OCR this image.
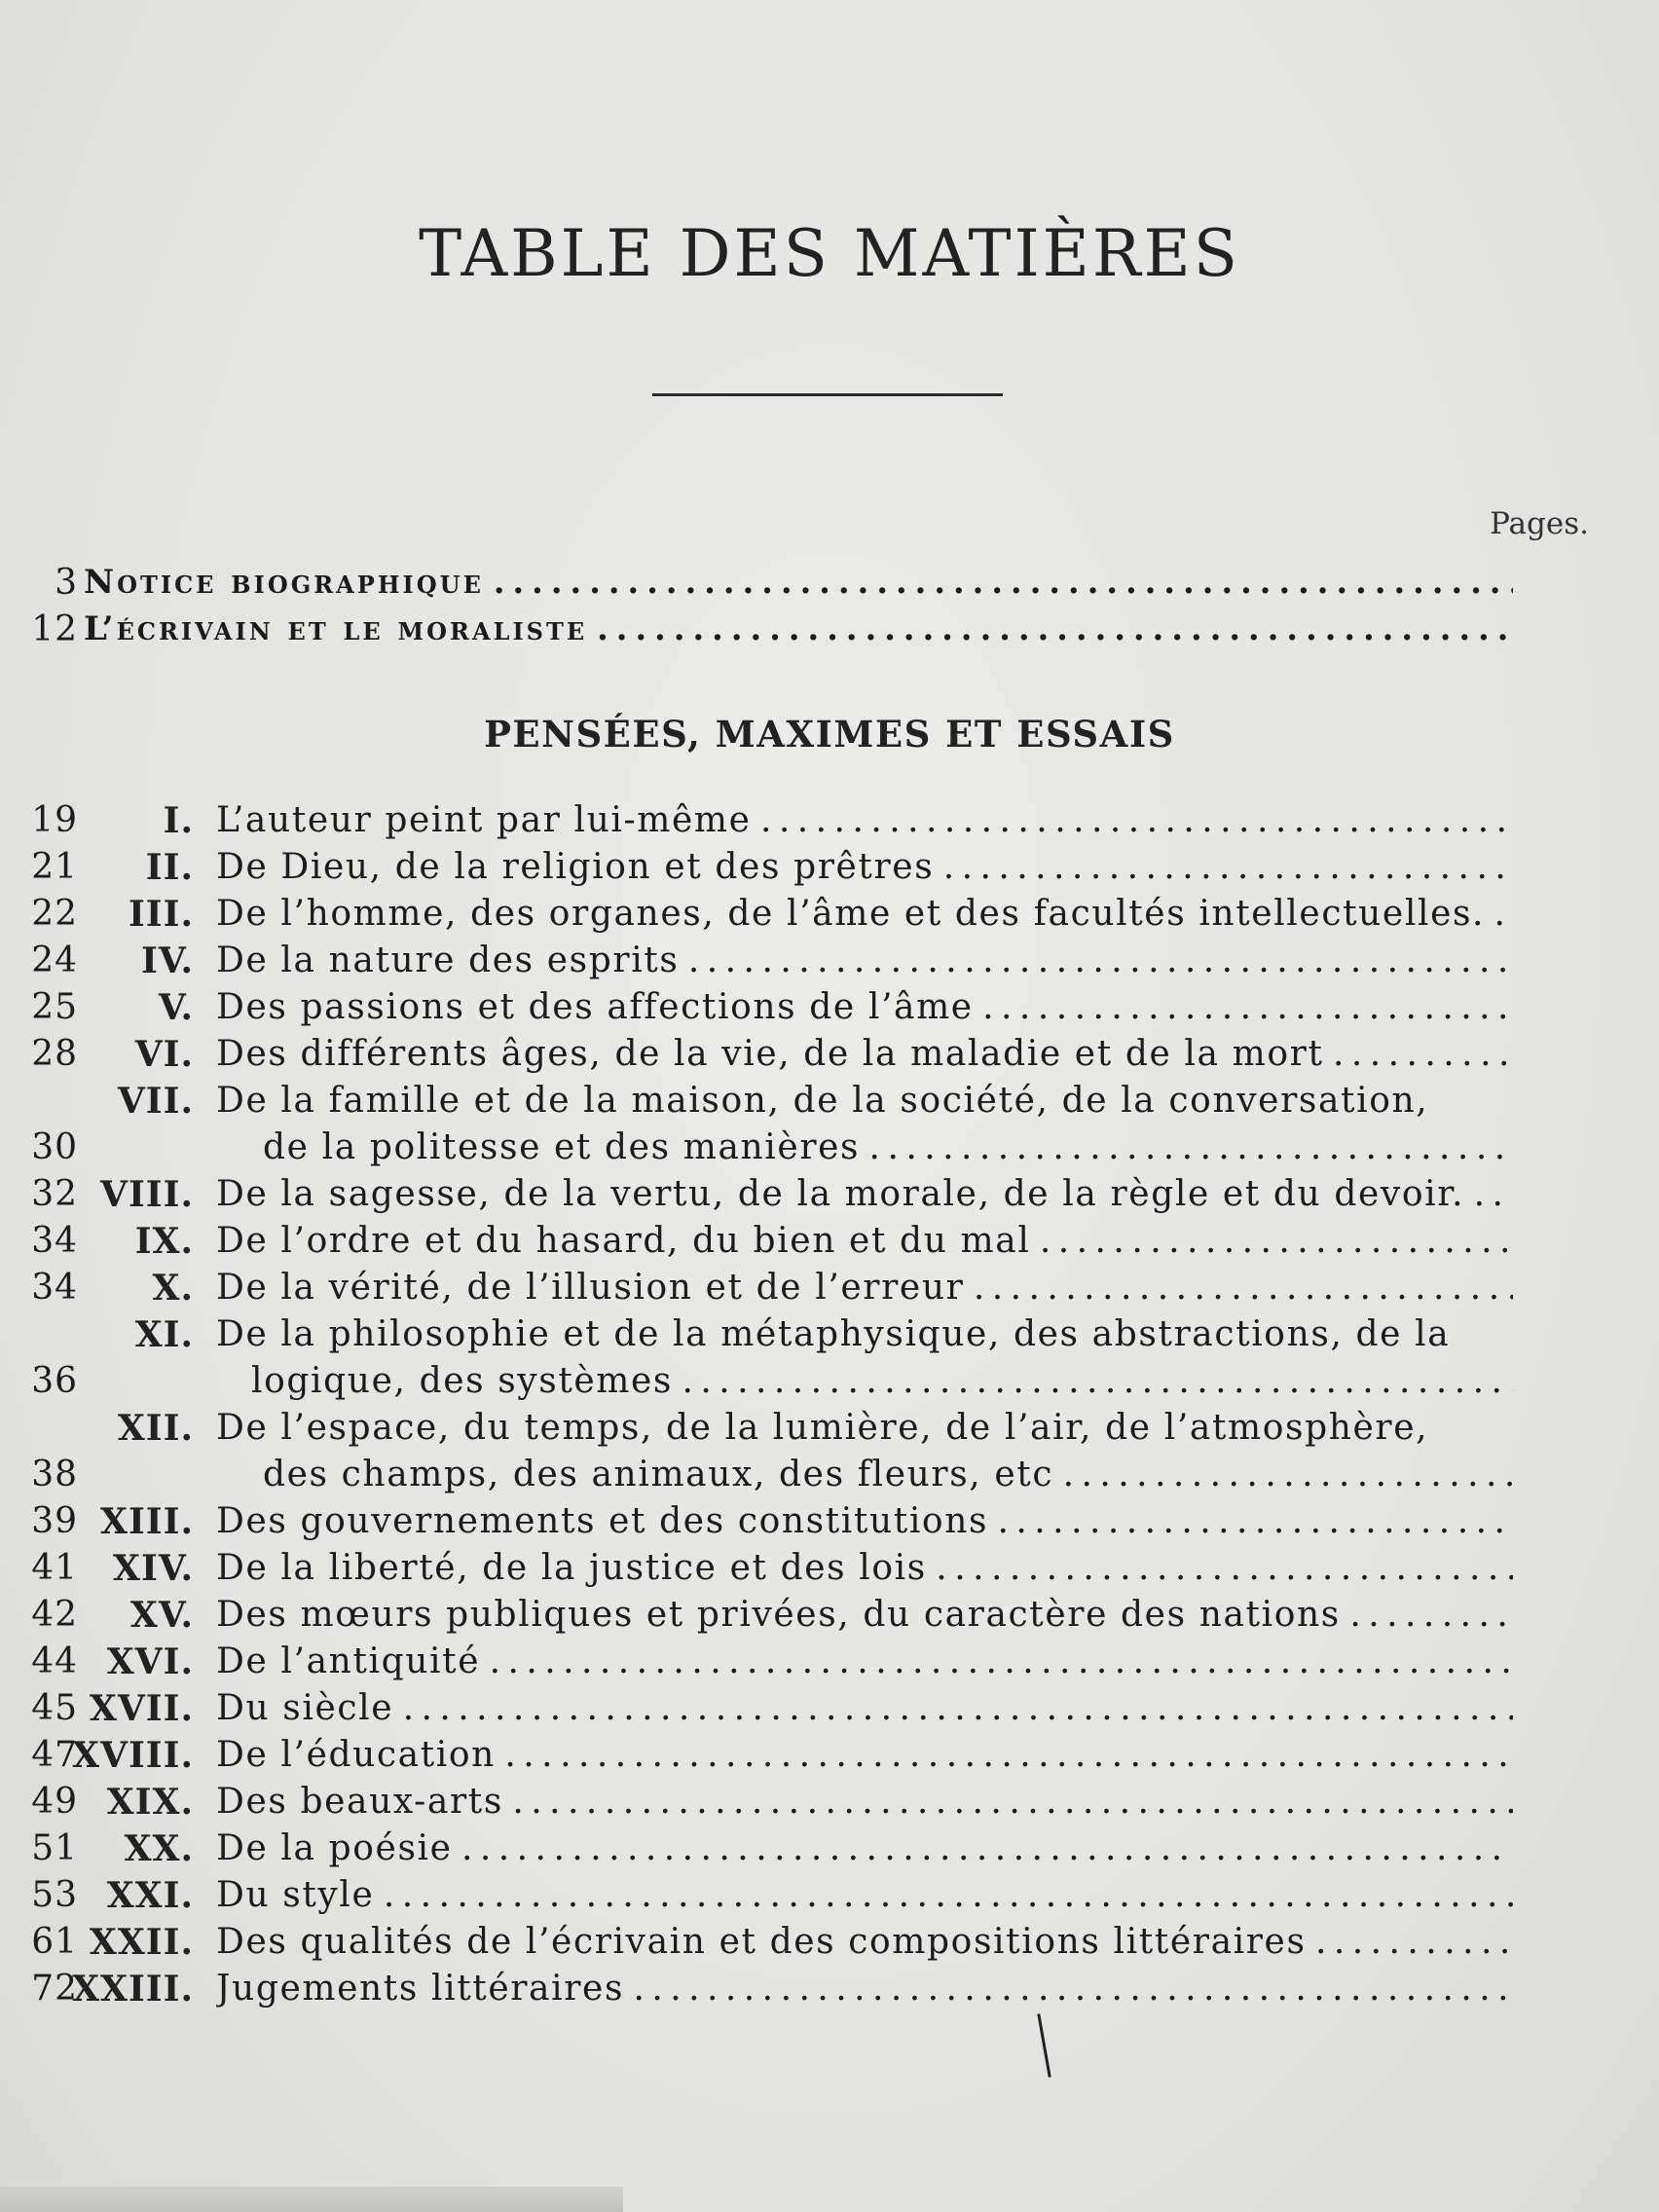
TABLE DES MATIÈRES
Pages.
Notice biographique . . .
3
L’écrivain et le moraliste . . .
12
PENSÉES, MAXIMES ET ESSAIS
I. L’auteur peint par lui-même . . .
19
II. De Dieu, de la religion et des prêtres . . .
21
III. De l’homme, des organes, de l’âme et des facultés intellectuelles. . . .
22
IV. De la nature des esprits . . .
24
V. Des passions et des affections de l’âme . . .
25
VI. Des différents âges, de la vie, de la maladie et de la mort . . .
28
VII. De la famille et de la maison, de la société, de la conversation,
de la politesse et des manières . . .
30
VIII. De la sagesse, de la vertu, de la morale, de la règle et du devoir. . . .
32
IX. De l’ordre et du hasard, du bien et du mal . . .
34
X. De la vérité, de l’illusion et de l’erreur . . .
34
XI. De la philosophie et de la métaphysique, des abstractions, de la
logique, des systèmes . . .
36
XII. De l’espace, du temps, de la lumière, de l’air, de l’atmosphère,
des champs, des animaux, des fleurs, etc . . .
38
XIII. Des gouvernements et des constitutions . . .
39
XIV. De la liberté, de la justice et des lois . . .
41
XV. Des mœurs publiques et privées, du caractère des nations . . .
42
XVI. De l’antiquité . . .
44
XVII. Du siècle . . .
45
XVIII. De l’éducation . . .
47
XIX. Des beaux-arts . . .
49
XX. De la poésie . . .
51
XXI. Du style . . .
53
XXII. Des qualités de l’écrivain et des compositions littéraires . . .
61
XXIII. Jugements littéraires . . .
72
